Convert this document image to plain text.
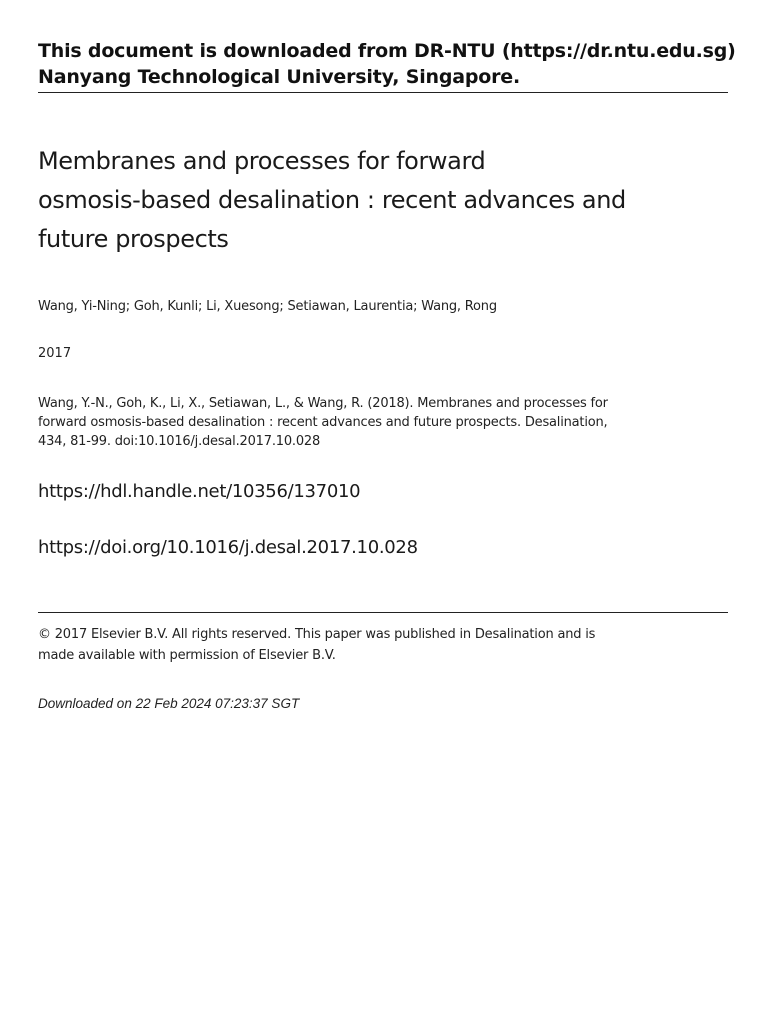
This document is downloaded from DR‑NTU (https://dr.ntu.edu.sg)
Nanyang Technological University, Singapore.
Membranes and processes for forward
osmosis‑based desalination : recent advances and
future prospects
Wang, Yi‑Ning; Goh, Kunli; Li, Xuesong; Setiawan, Laurentia; Wang, Rong
2017
Wang, Y.‑N., Goh, K., Li, X., Setiawan, L., & Wang, R. (2018). Membranes and processes for
forward osmosis‑based desalination : recent advances and future prospects. Desalination,
434, 81‑99. doi:10.1016/j.desal.2017.10.028
https://hdl.handle.net/10356/137010
https://doi.org/10.1016/j.desal.2017.10.028
© 2017 Elsevier B.V. All rights reserved. This paper was published in Desalination and is
made available with permission of Elsevier B.V.
Downloaded on 22 Feb 2024 07:23:37 SGT
